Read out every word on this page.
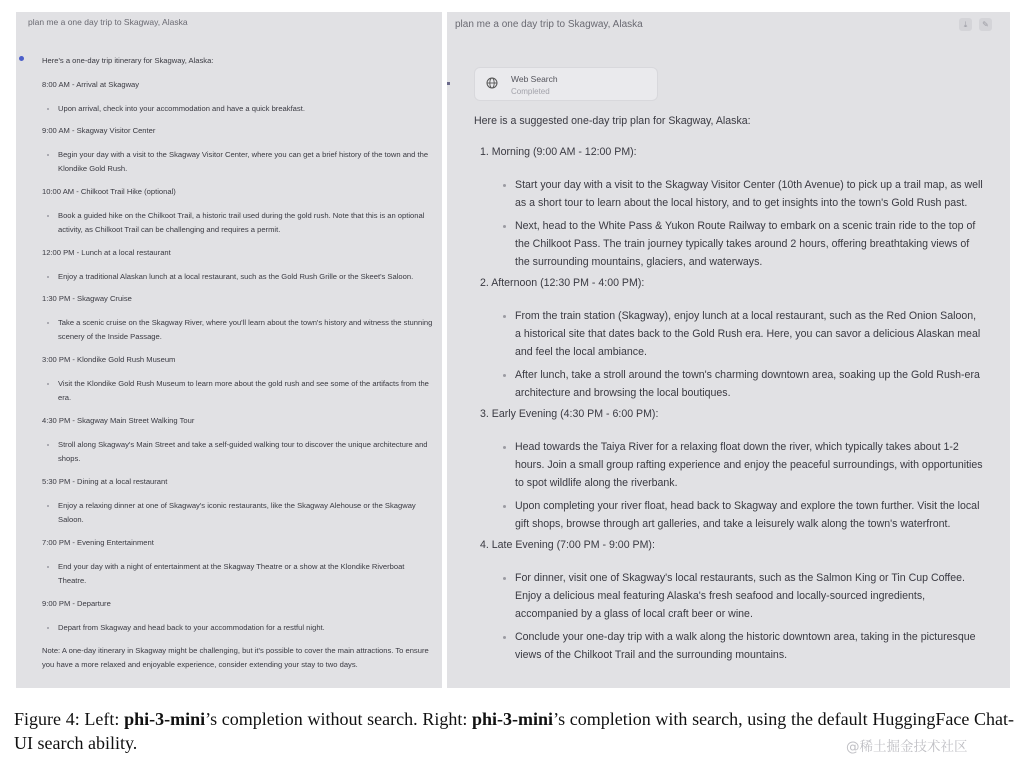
plan me a one day trip to Skagway, Alaska
Here's a one-day trip itinerary for Skagway, Alaska:
8:00 AM - Arrival at Skagway
Upon arrival, check into your accommodation and have a quick breakfast.
9:00 AM - Skagway Visitor Center
Begin your day with a visit to the Skagway Visitor Center, where you can get a brief history of the town and the Klondike Gold Rush.
10:00 AM - Chilkoot Trail Hike (optional)
Book a guided hike on the Chilkoot Trail, a historic trail used during the gold rush. Note that this is an optional activity, as Chilkoot Trail can be challenging and requires a permit.
12:00 PM - Lunch at a local restaurant
Enjoy a traditional Alaskan lunch at a local restaurant, such as the Gold Rush Grille or the Skeet's Saloon.
1:30 PM - Skagway Cruise
Take a scenic cruise on the Skagway River, where you'll learn about the town's history and witness the stunning scenery of the Inside Passage.
3:00 PM - Klondike Gold Rush Museum
Visit the Klondike Gold Rush Museum to learn more about the gold rush and see some of the artifacts from the era.
4:30 PM - Skagway Main Street Walking Tour
Stroll along Skagway's Main Street and take a self-guided walking tour to discover the unique architecture and shops.
5:30 PM - Dining at a local restaurant
Enjoy a relaxing dinner at one of Skagway's iconic restaurants, like the Skagway Alehouse or the Skagway Saloon.
7:00 PM - Evening Entertainment
End your day with a night of entertainment at the Skagway Theatre or a show at the Klondike Riverboat Theatre.
9:00 PM - Departure
Depart from Skagway and head back to your accommodation for a restful night.
Note: A one-day itinerary in Skagway might be challenging, but it's possible to cover the main attractions. To ensure you have a more relaxed and enjoyable experience, consider extending your stay to two days.
plan me a one day trip to Skagway, Alaska	⤓	✎
Web Search
Completed
Here is a suggested one-day trip plan for Skagway, Alaska:
1. Morning (9:00 AM - 12:00 PM):
Start your day with a visit to the Skagway Visitor Center (10th Avenue) to pick up a trail map, as well as a short tour to learn about the local history, and to get insights into the town's Gold Rush past.
Next, head to the White Pass & Yukon Route Railway to embark on a scenic train ride to the top of the Chilkoot Pass. The train journey typically takes around 2 hours, offering breathtaking views of the surrounding mountains, glaciers, and waterways.
2. Afternoon (12:30 PM - 4:00 PM):
From the train station (Skagway), enjoy lunch at a local restaurant, such as the Red Onion Saloon, a historical site that dates back to the Gold Rush era. Here, you can savor a delicious Alaskan meal and feel the local ambiance.
After lunch, take a stroll around the town's charming downtown area, soaking up the Gold Rush-era architecture and browsing the local boutiques.
3. Early Evening (4:30 PM - 6:00 PM):
Head towards the Taiya River for a relaxing float down the river, which typically takes about 1-2 hours. Join a small group rafting experience and enjoy the peaceful surroundings, with opportunities to spot wildlife along the riverbank.
Upon completing your river float, head back to Skagway and explore the town further. Visit the local gift shops, browse through art galleries, and take a leisurely walk along the town's waterfront.
4. Late Evening (7:00 PM - 9:00 PM):
For dinner, visit one of Skagway's local restaurants, such as the Salmon King or Tin Cup Coffee. Enjoy a delicious meal featuring Alaska's fresh seafood and locally-sourced ingredients, accompanied by a glass of local craft beer or wine.
Conclude your one-day trip with a walk along the historic downtown area, taking in the picturesque views of the Chilkoot Trail and the surrounding mountains.
Figure 4: Left: phi-3-mini’s completion without search. Right: phi-3-mini’s completion with search, using the default HuggingFace Chat-UI search ability.	@稀土掘金技术社区
